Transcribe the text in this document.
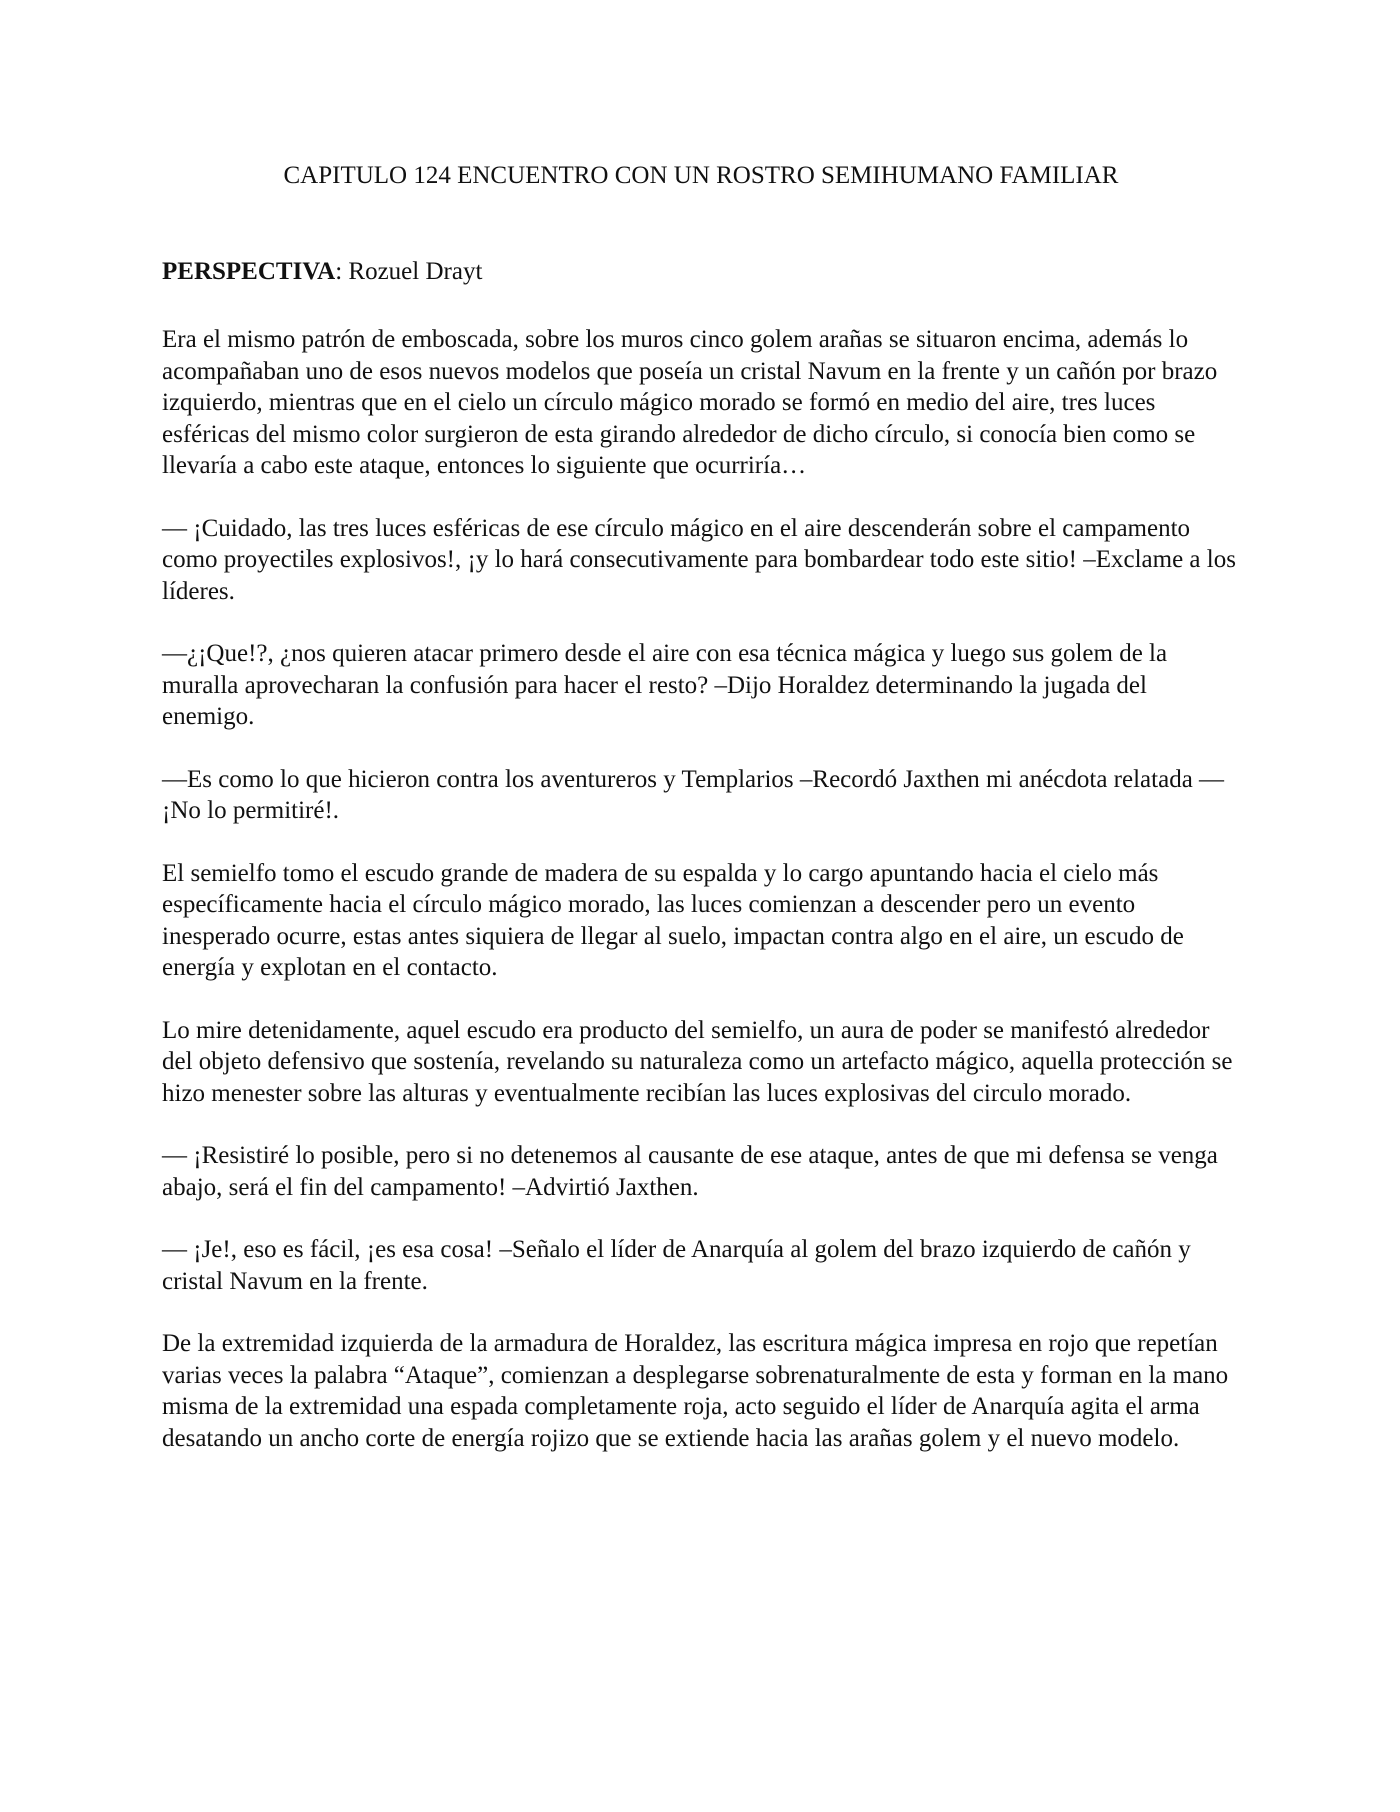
CAPITULO 124 ENCUENTRO CON UN ROSTRO SEMIHUMANO FAMILIAR

PERSPECTIVA: Rozuel Drayt

Era el mismo patrón de emboscada, sobre los muros cinco golem arañas se situaron encima, además lo acompañaban uno de esos nuevos modelos que poseía un cristal Navum en la frente y un cañón por brazo izquierdo, mientras que en el cielo un círculo mágico morado se formó en medio del aire, tres luces esféricas del mismo color surgieron de esta girando alrededor de dicho círculo, si conocía bien como se llevaría a cabo este ataque, entonces lo siguiente que ocurriría…

— ¡Cuidado, las tres luces esféricas de ese círculo mágico en el aire descenderán sobre el campamento como proyectiles explosivos!, ¡y lo hará consecutivamente para bombardear todo este sitio! –Exclame a los líderes.

—¿¡Que!?, ¿nos quieren atacar primero desde el aire con esa técnica mágica y luego sus golem de la muralla aprovecharan la confusión para hacer el resto? –Dijo Horaldez determinando la jugada del enemigo.

—Es como lo que hicieron contra los aventureros y Templarios –Recordó Jaxthen mi anécdota relatada —¡No lo permitiré!.

El semielfo tomo el escudo grande de madera de su espalda y lo cargo apuntando hacia el cielo más específicamente hacia el círculo mágico morado, las luces comienzan a descender pero un evento inesperado ocurre, estas antes siquiera de llegar al suelo, impactan contra algo en el aire, un escudo de energía y explotan en el contacto.

Lo mire detenidamente, aquel escudo era producto del semielfo, un aura de poder se manifestó alrededor del objeto defensivo que sostenía, revelando su naturaleza como un artefacto mágico, aquella protección se hizo menester sobre las alturas y eventualmente recibían las luces explosivas del circulo morado.

— ¡Resistiré lo posible, pero si no detenemos al causante de ese ataque, antes de que mi defensa se venga abajo, será el fin del campamento! –Advirtió Jaxthen.

— ¡Je!, eso es fácil, ¡es esa cosa! –Señalo el líder de Anarquía al golem del brazo izquierdo de cañón y cristal Navum en la frente.

De la extremidad izquierda de la armadura de Horaldez, las escritura mágica impresa en rojo que repetían varias veces la palabra “Ataque”, comienzan a desplegarse sobrenaturalmente de esta y forman en la mano misma de la extremidad una espada completamente roja, acto seguido el líder de Anarquía agita el arma desatando un ancho corte de energía rojizo que se extiende hacia las arañas golem y el nuevo modelo.
